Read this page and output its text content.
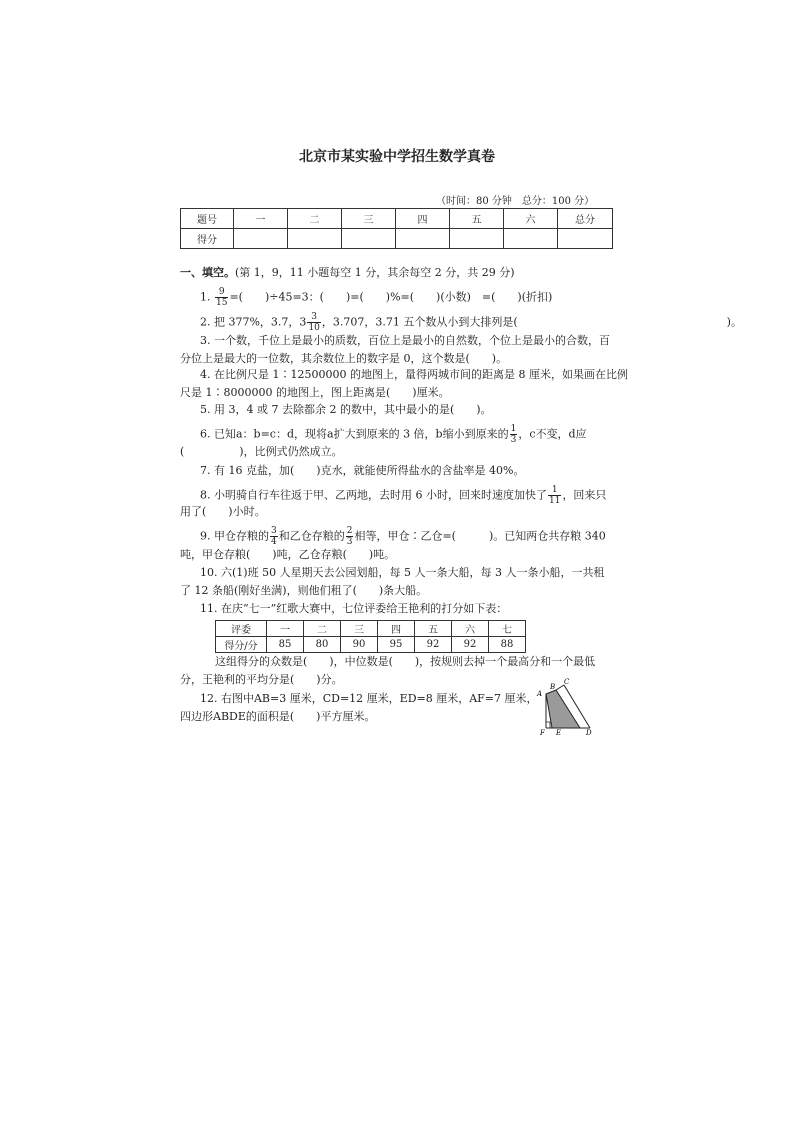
北京市某实验中学招生数学真卷
（时间：80 分钟　总分：100 分）
题号	一	二	三	四	五	六	总分
得分							
一、填空。(第 1，9，11 小题每空 1 分，其余每空 2 分，共 29 分)
1. $\frac{9}{15}$ =(　　)÷45=3：(　　)=(　　)%=(　　)(小数)　=(　　)(折扣)
2. 把 377%，3.7，$3 \frac{3}{10}$ ，3.707，3.71 五个数从小到大排列是(　　　　　　　　　　　　　　　　　　　)。
3. 一个数，千位上是最小的质数，百位上是最小的自然数，个位上是最小的合数，百
分位上是最大的一位数，其余数位上的数字是 0，这个数是(　　)。
4. 在比例尺是 1∶12500000 的地图上，量得两城市间的距离是 8 厘米，如果画在比例
尺是 1∶8000000 的地图上，图上距离是(　　)厘米。
5. 用 3，4 或 7 去除都余 2 的数中，其中最小的是(　　)。
6. 已知a：b=c：d，现将a扩大到原来的 3 倍，b缩小到原来的 $\frac{1}{3}$ ，c不变，d应
(　　　　　)，比例式仍然成立。
7. 有 16 克盐，加(　　)克水，就能使所得盐水的含盐率是 40%。
8. 小明骑自行车往返于甲、乙两地，去时用 6 小时，回来时速度加快了 $\frac{1}{11}$ ，回来只
用了(　　)小时。
9. 甲仓存粮的 $\frac{3}{4}$ 和乙仓存粮的 $\frac{2}{3}$ 相等，甲仓∶乙仓=(　　　)。已知两仓共存粮 340
吨，甲仓存粮(　　)吨，乙仓存粮(　　)吨。
10. 六(1)班 50 人星期天去公园划船，每 5 人一条大船，每 3 人一条小船，一共租
了 12 条船(刚好坐满)，则他们租了(　　)条大船。
11. 在庆“七一”红歌大赛中，七位评委给王艳利的打分如下表：
评委	一	二	三	四	五	六	七
得分/分	85	80	90	95	92	92	88
这组得分的众数是(　　)，中位数是(　　)，按规则去掉一个最高分和一个最低
分，王艳利的平均分是(　　)分。
12. 右图中AB=3 厘米，CD=12 厘米，ED=8 厘米，AF=7 厘米，
四边形ABDE的面积是(　　)平方厘米。
A
B
C
F E	D
